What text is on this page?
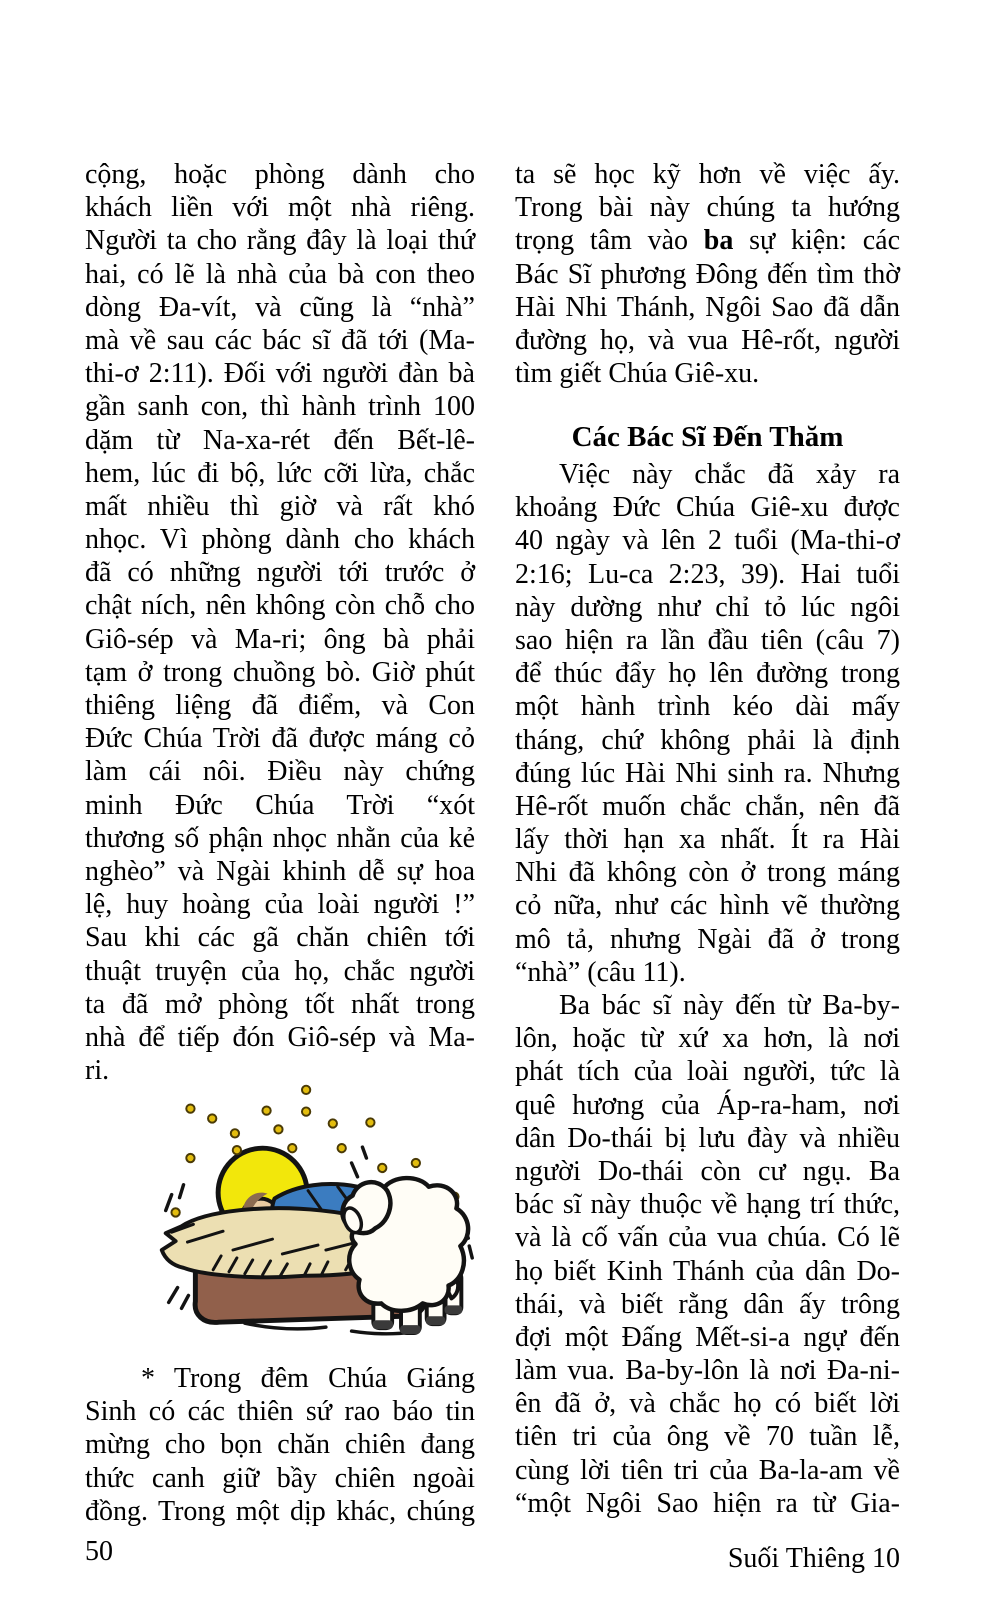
cộng, hoặc phòng dành cho
khách liền với một nhà riêng.
Người ta cho rằng đây là loại thứ
hai, có lẽ là nhà của bà con theo
dòng Đa-vít, và cũng là “nhà”
mà về sau các bác sĩ đã tới (Ma-
thi-ơ 2:11). Đối với người đàn bà
gần sanh con, thì hành trình 100
dặm từ Na-xa-rét đến Bết-lê-
hem, lúc đi bộ, lức cỡi lừa, chắc
mất nhiều thì giờ và rất khó
nhọc. Vì phòng dành cho khách
đã có những người tới trước ở
chật ních, nên không còn chỗ cho
Giô-sép và Ma-ri; ông bà phải
tạm ở trong chuồng bò. Giờ phút
thiêng liệng đã điểm, và Con
Đức Chúa Trời đã được máng cỏ
làm cái nôi. Điều này chứng
minh Đức Chúa Trời “xót
thương số phận nhọc nhằn của kẻ
nghèo” và Ngài khinh dễ sự hoa
lệ, huy hoàng của loài người !”
Sau khi các gã chăn chiên tới
thuật truyện của họ, chắc người
ta đã mở phòng tốt nhất trong
nhà để tiếp đón Giô-sép và Ma-
ri.
* Trong đêm Chúa Giáng
Sinh có các thiên sứ rao báo tin
mừng cho bọn chăn chiên đang
thức canh giữ bầy chiên ngoài
đồng. Trong một dịp khác, chúng
ta sẽ học kỹ hơn về việc ấy.
Trong bài này chúng ta hướng
trọng tâm vào ba sự kiện: các
Bác Sĩ phương Đông đến tìm thờ
Hài Nhi Thánh, Ngôi Sao đã dẫn
đường họ, và vua Hê-rốt, người
tìm giết Chúa Giê-xu.
Các Bác Sĩ Đến Thăm
Việc này chắc đã xảy ra
khoảng Đức Chúa Giê-xu được
40 ngày và lên 2 tuổi (Ma-thi-ơ
2:16; Lu-ca 2:23, 39). Hai tuổi
này dường như chỉ tỏ lúc ngôi
sao hiện ra lần đầu tiên (câu 7)
để thúc đẩy họ lên đường trong
một hành trình kéo dài mấy
tháng, chứ không phải là định
đúng lúc Hài Nhi sinh ra. Nhưng
Hê-rốt muốn chắc chắn, nên đã
lấy thời hạn xa nhất. Ít ra Hài
Nhi đã không còn ở trong máng
cỏ nữa, như các hình vẽ thường
mô tả, nhưng Ngài đã ở trong
“nhà” (câu 11).
Ba bác sĩ này đến từ Ba-by-
lôn, hoặc từ xứ xa hơn, là nơi
phát tích của loài người, tức là
quê hương của Áp-ra-ham, nơi
dân Do-thái bị lưu đày và nhiều
người Do-thái còn cư ngụ. Ba
bác sĩ này thuộc về hạng trí thức,
và là cố vấn của vua chúa. Có lẽ
họ biết Kinh Thánh của dân Do-
thái, và biết rằng dân ấy trông
đợi một Đấng Mết-si-a ngự đến
làm vua. Ba-by-lôn là nơi Đa-ni-
ên đã ở, và chắc họ có biết lời
tiên tri của ông về 70 tuần lễ,
cùng lời tiên tri của Ba-la-am về
“một Ngôi Sao hiện ra từ Gia-
50	Suối Thiêng 10
